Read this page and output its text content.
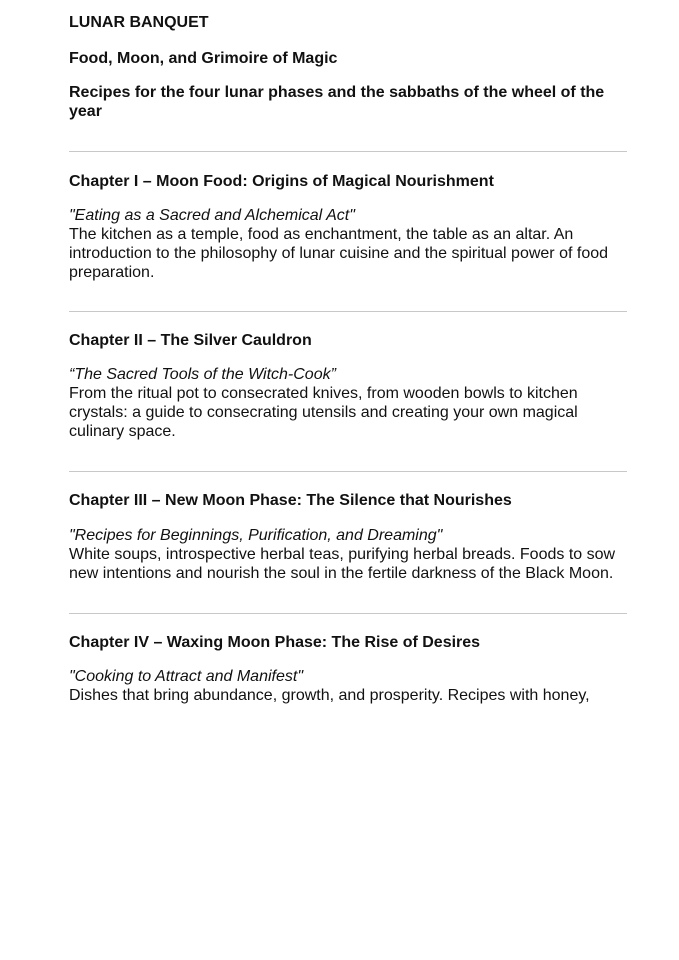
LUNAR BANQUET
Food, Moon, and Grimoire of Magic
Recipes for the four lunar phases and the sabbaths of the wheel of the year
Chapter I – Moon Food: Origins of Magical Nourishment
"Eating as a Sacred and Alchemical Act"
The kitchen as a temple, food as enchantment, the table as an altar. An introduction to the philosophy of lunar cuisine and the spiritual power of food preparation.
Chapter II – The Silver Cauldron
“The Sacred Tools of the Witch-Cook”
From the ritual pot to consecrated knives, from wooden bowls to kitchen crystals: a guide to consecrating utensils and creating your own magical culinary space.
Chapter III – New Moon Phase: The Silence that Nourishes
"Recipes for Beginnings, Purification, and Dreaming"
White soups, introspective herbal teas, purifying herbal breads. Foods to sow new intentions and nourish the soul in the fertile darkness of the Black Moon.
Chapter IV – Waxing Moon Phase: The Rise of Desires
"Cooking to Attract and Manifest"
Dishes that bring abundance, growth, and prosperity. Recipes with honey,
